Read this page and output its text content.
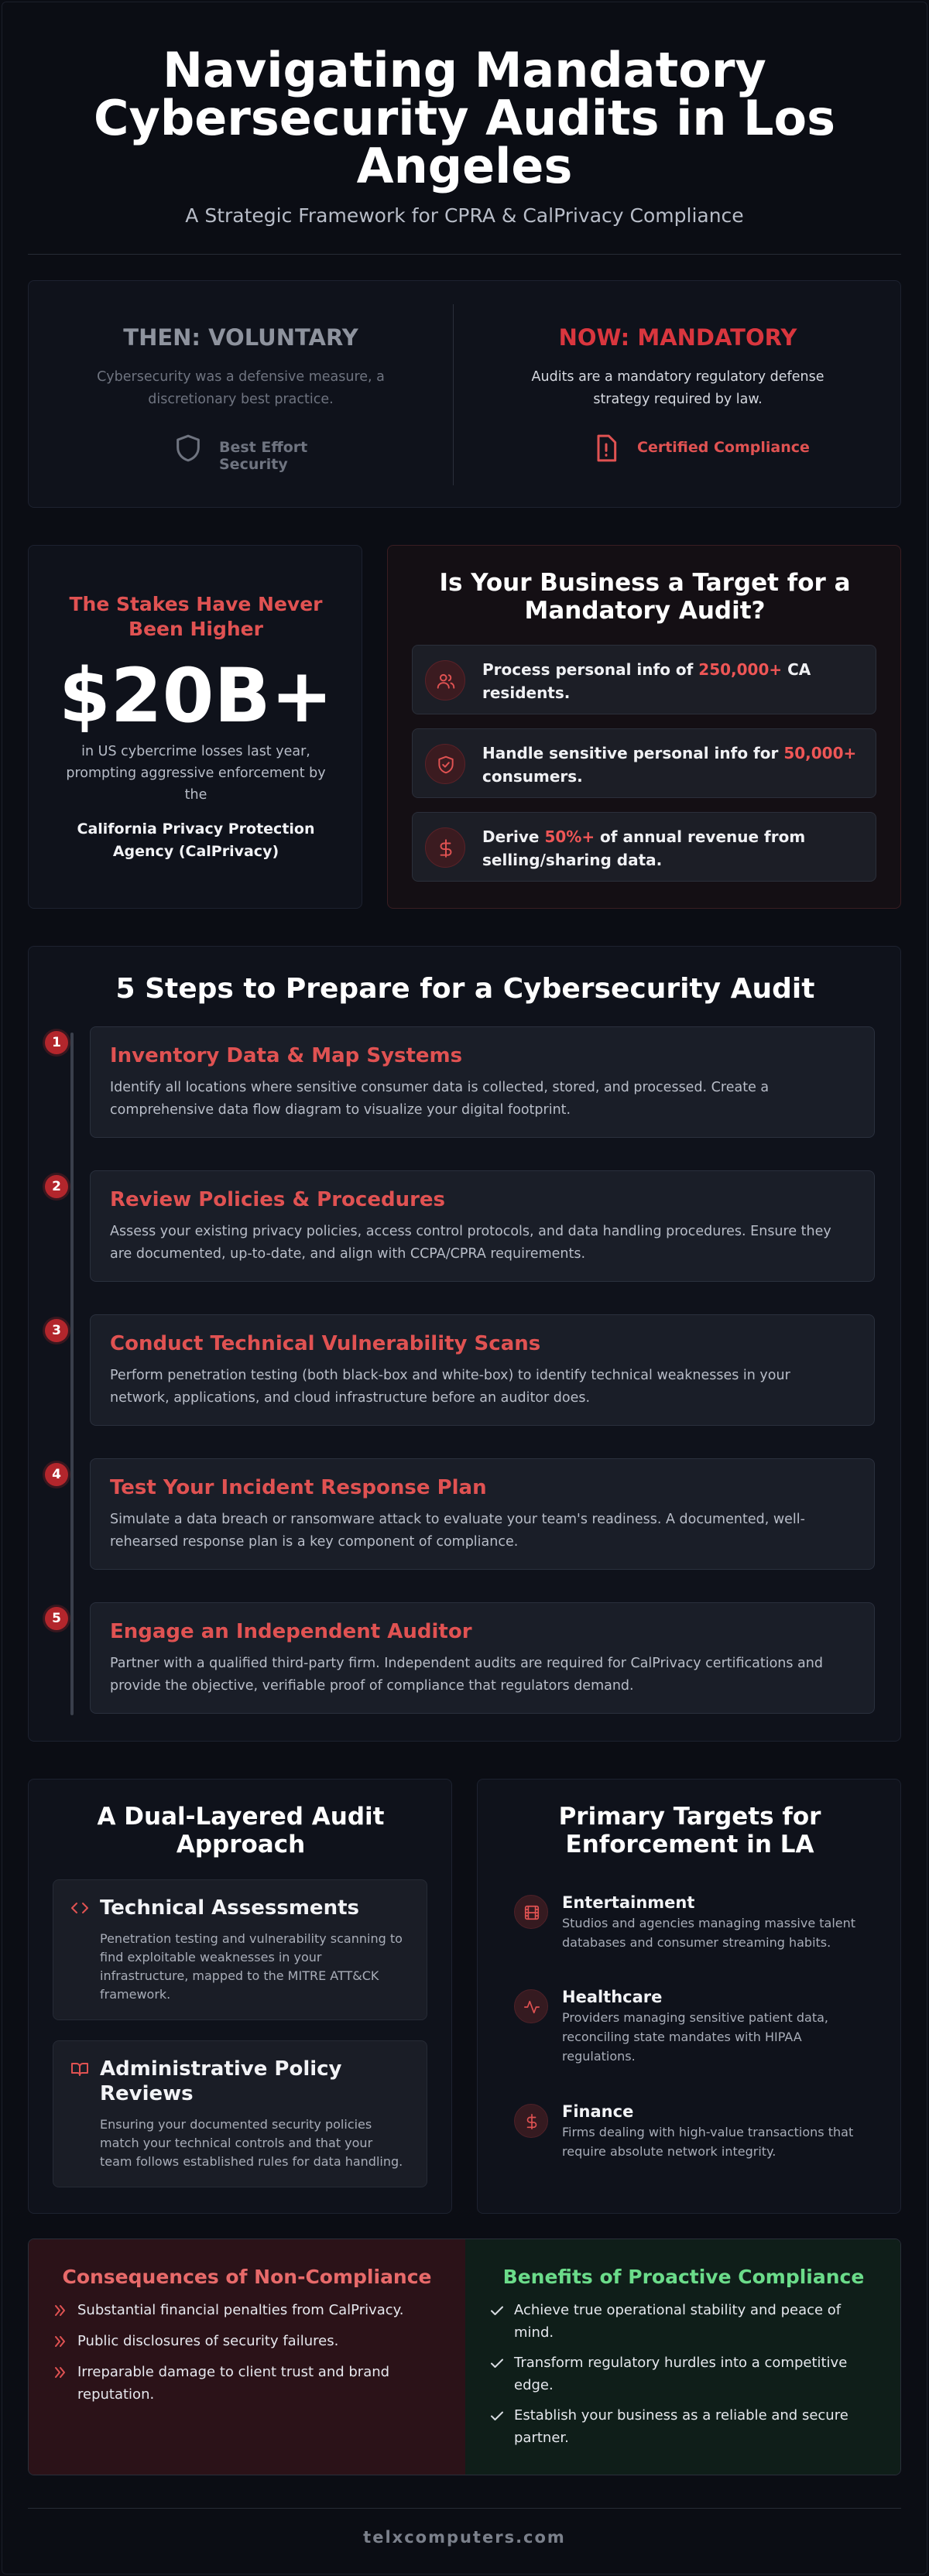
Navigating Mandatory
Cybersecurity Audits in Los
Angeles
A Strategic Framework for CPRA & CalPrivacy Compliance
THEN: VOLUNTARY
Cybersecurity was a defensive measure, a
discretionary best practice.
Best Effort Security
NOW: MANDATORY
Audits are a mandatory regulatory defense
strategy required by law.
Certified Compliance
The Stakes Have Never
Been Higher
$20B+
in US cybercrime losses last year,
prompting aggressive enforcement by
the
California Privacy Protection
Agency (CalPrivacy)
Is Your Business a Target for a
Mandatory Audit?
Process personal info of 250,000+ CA
residents.
Handle sensitive personal info for 50,000+
consumers.
Derive 50%+ of annual revenue from
selling/sharing data.
5 Steps to Prepare for a Cybersecurity Audit
1
Inventory Data & Map Systems
Identify all locations where sensitive consumer data is collected, stored, and processed. Create a comprehensive data flow diagram to visualize your digital footprint.
2
Review Policies & Procedures
Assess your existing privacy policies, access control protocols, and data handling procedures. Ensure they are documented, up-to-date, and align with CCPA/CPRA requirements.
3
Conduct Technical Vulnerability Scans
Perform penetration testing (both black-box and white-box) to identify technical weaknesses in your network, applications, and cloud infrastructure before an auditor does.
4
Test Your Incident Response Plan
Simulate a data breach or ransomware attack to evaluate your team's readiness. A documented, well-rehearsed response plan is a key component of compliance.
5
Engage an Independent Auditor
Partner with a qualified third-party firm. Independent audits are required for CalPrivacy certifications and provide the objective, verifiable proof of compliance that regulators demand.
A Dual-Layered Audit
Approach
Technical Assessments
Penetration testing and vulnerability scanning to
find exploitable weaknesses in your
infrastructure, mapped to the MITRE ATT&CK
framework.
Administrative Policy
Reviews
Ensuring your documented security policies
match your technical controls and that your
team follows established rules for data handling.
Primary Targets for
Enforcement in LA
Entertainment
Studios and agencies managing massive talent
databases and consumer streaming habits.
Healthcare
Providers managing sensitive patient data,
reconciling state mandates with HIPAA
regulations.
Finance
Firms dealing with high-value transactions that
require absolute network integrity.
Consequences of Non-Compliance	Benefits of Proactive Compliance
Substantial financial penalties from CalPrivacy.
Public disclosures of security failures.
Irreparable damage to client trust and brand
reputation.
Achieve true operational stability and peace of
mind.
Transform regulatory hurdles into a competitive
edge.
Establish your business as a reliable and secure
partner.
telxcomputers.com
